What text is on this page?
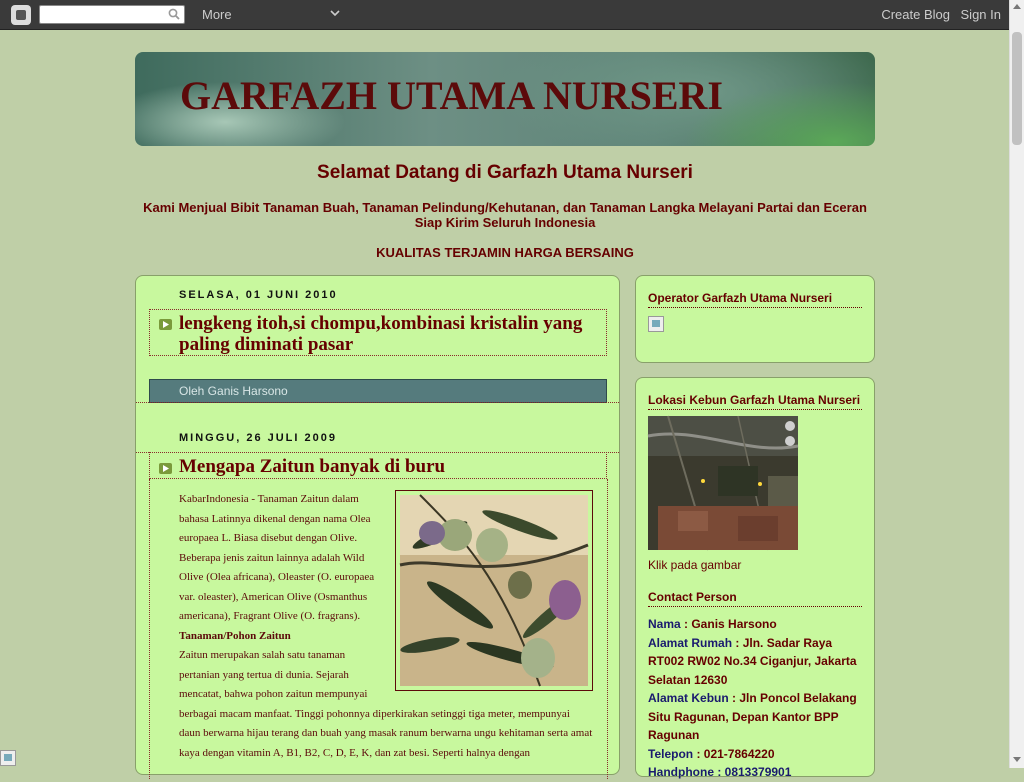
More	Create Blog Sign In
GARFAZH UTAMA NURSERI
Selamat Datang di Garfazh Utama Nurseri
Kami Menjual Bibit Tanaman Buah, Tanaman Pelindung/Kehutanan, dan Tanaman Langka Melayani Partai dan Eceran Siap Kirim Seluruh Indonesia
KUALITAS TERJAMIN HARGA BERSAING
SELASA, 01 JUNI 2010
lengkeng itoh,si chompu,kombinasi kristalin yang paling diminati pasar
Oleh Ganis Harsono
MINGGU, 26 JULI 2009
Mengapa Zaitun banyak di buru
KabarIndonesia - Tanaman Zaitun dalam bahasa Latinnya dikenal dengan nama Olea europaea L. Biasa disebut dengan Olive. Beberapa jenis zaitun lainnya adalah Wild Olive (Olea africana), Oleaster (O. europaea var. oleaster), American Olive (Osmanthus americana), Fragrant Olive (O. fragrans).
Tanaman/Pohon Zaitun
Zaitun merupakan salah satu tanaman pertanian yang tertua di dunia. Sejarah mencatat, bahwa pohon zaitun mempunyai berbagai macam manfaat. Tinggi pohonnya diperkirakan setinggi tiga meter, mempunyai daun berwarna hijau terang dan buah yang masak ranum berwarna ungu kehitaman serta amat kaya dengan vitamin A, B1, B2, C, D, E, K, dan zat besi. Seperti halnya dengan
Operator Garfazh Utama Nurseri
Lokasi Kebun Garfazh Utama Nurseri
Klik pada gambar
Contact Person
Nama : Ganis Harsono
Alamat Rumah : Jln. Sadar Raya RT002 RW02 No.34 Ciganjur, Jakarta Selatan 12630
Alamat Kebun : Jln Poncol Belakang Situ Ragunan, Depan Kantor BPP Ragunan
Telepon : 021-7864220
Handphone : 0813379901
